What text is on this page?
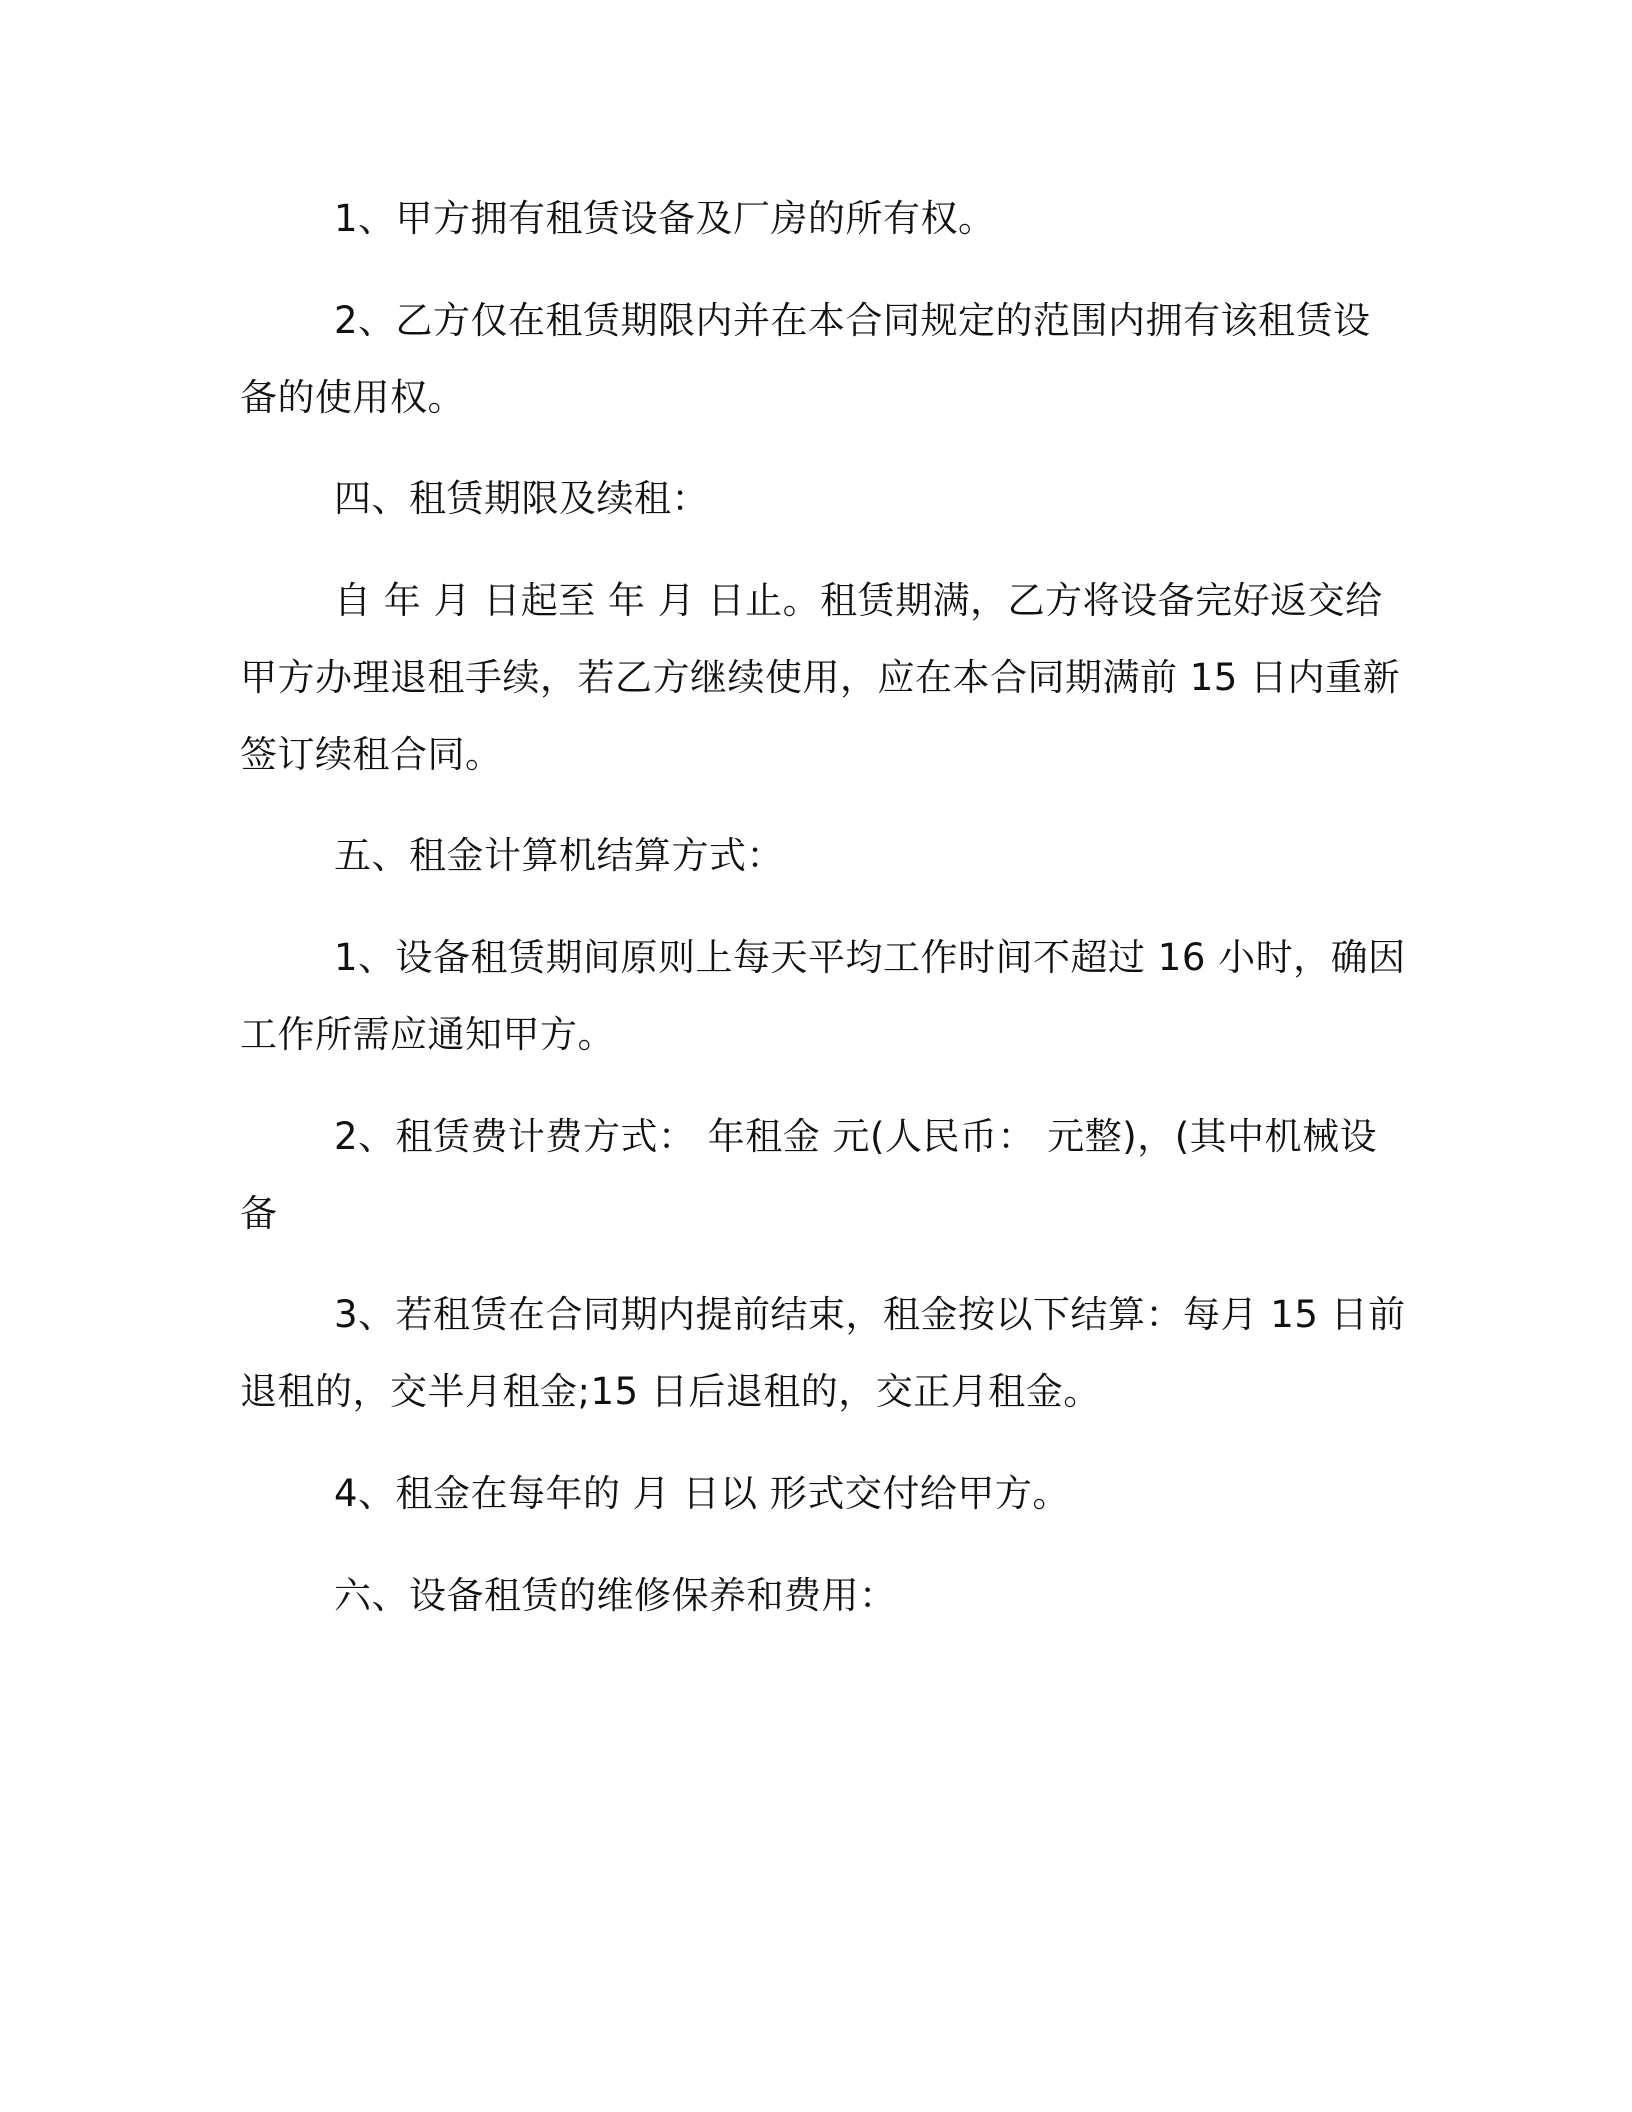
1、甲方拥有租赁设备及厂房的所有权。
2、乙方仅在租赁期限内并在本合同规定的范围内拥有该租赁设
备的使用权。
四、租赁期限及续租：
自 年 月 日起至 年 月 日止。租赁期满，乙方将设备完好返交给
甲方办理退租手续，若乙方继续使用，应在本合同期满前 15 日内重新
签订续租合同。
五、租金计算机结算方式：
1、设备租赁期间原则上每天平均工作时间不超过 16 小时，确因
工作所需应通知甲方。
2、租赁费计费方式： 年租金 元(人民币： 元整)，(其中机械设
备
3、若租赁在合同期内提前结束，租金按以下结算：每月 15 日前
退租的，交半月租金;15 日后退租的，交正月租金。
4、租金在每年的 月 日以 形式交付给甲方。
六、设备租赁的维修保养和费用：
